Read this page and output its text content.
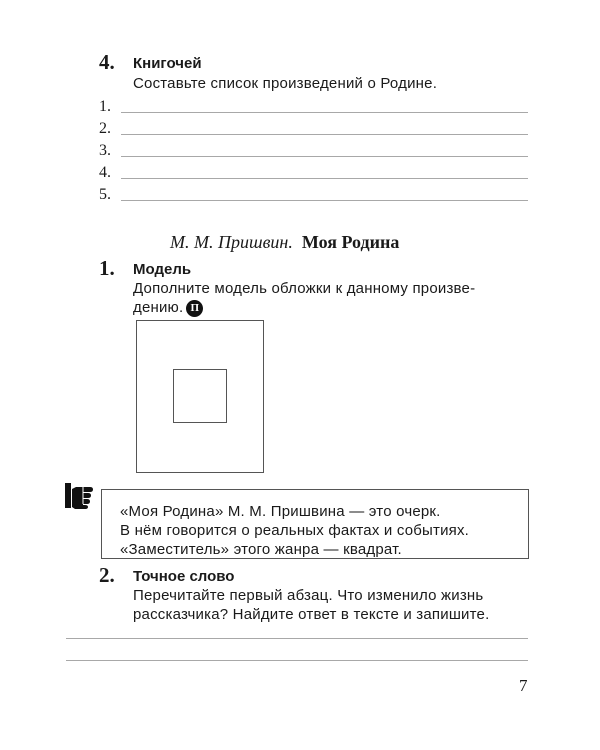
4. Книгочей
Составьте список произведений о Родине.
1.
2.
3.
4.
5.
М. М. Пришвин. Моя Родина
1. Модель
Дополните модель обложки к данному произве-
дению. П
«Моя Родина» М. М. Пришвина — это очерк.
В нём говорится о реальных фактах и событиях.
«Заместитель» этого жанра — квадрат.
2. Точное слово
Перечитайте первый абзац. Что изменило жизнь
рассказчика? Найдите ответ в тексте и запишите.
7
